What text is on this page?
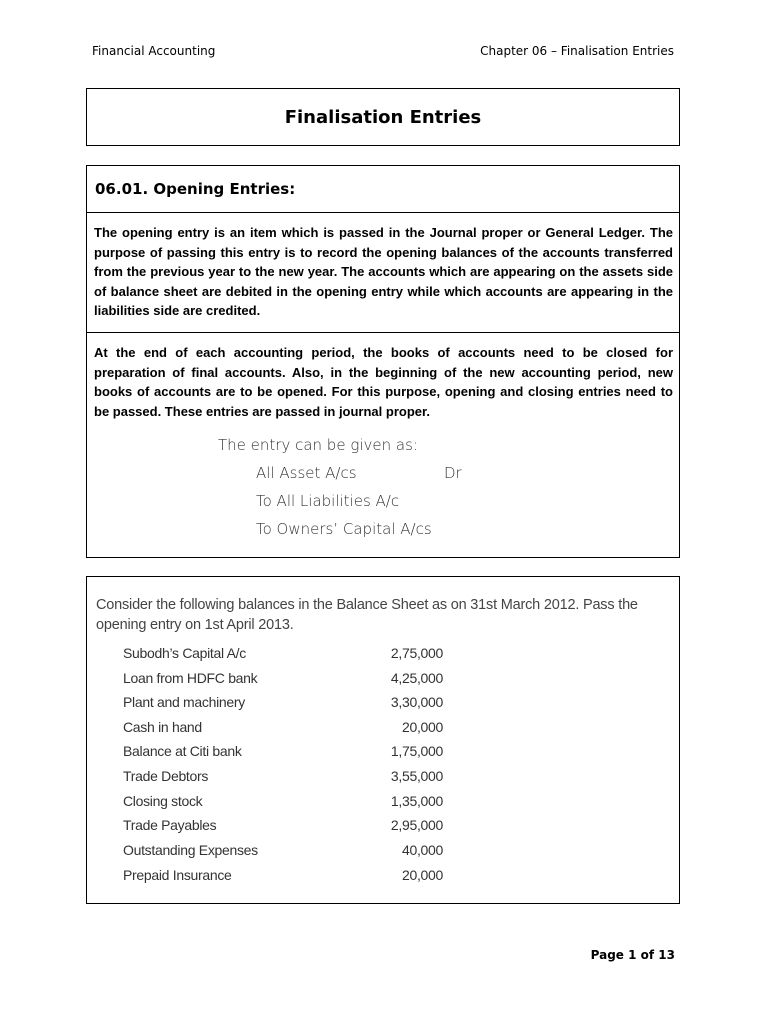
Financial Accounting	Chapter 06 – Finalisation Entries
Finalisation Entries
06.01. Opening Entries:
The opening entry is an item which is passed in the Journal proper or General Ledger. The purpose of passing this entry is to record the opening balances of the accounts transferred from the previous year to the new year. The accounts which are appearing on the assets side of balance sheet are debited in the opening entry while which accounts are appearing in the liabilities side are credited.
At the end of each accounting period, the books of accounts need to be closed for preparation of final accounts. Also, in the beginning of the new accounting period, new books of accounts are to be opened. For this purpose, opening and closing entries need to be passed. These entries are passed in journal proper.
The entry can be given as:
All Asset A/cs	Dr
To All Liabilities A/c
To Owners’ Capital A/cs
Consider the following balances in the Balance Sheet as on 31st March 2012. Pass the opening entry on 1st April 2013.
Subodh’s Capital A/c	2,75,000
Loan from HDFC bank	4,25,000
Plant and machinery	3,30,000
Cash in hand	20,000
Balance at Citi bank	1,75,000
Trade Debtors	3,55,000
Closing stock	1,35,000
Trade Payables	2,95,000
Outstanding Expenses	40,000
Prepaid Insurance	20,000
Page 1 of 13
